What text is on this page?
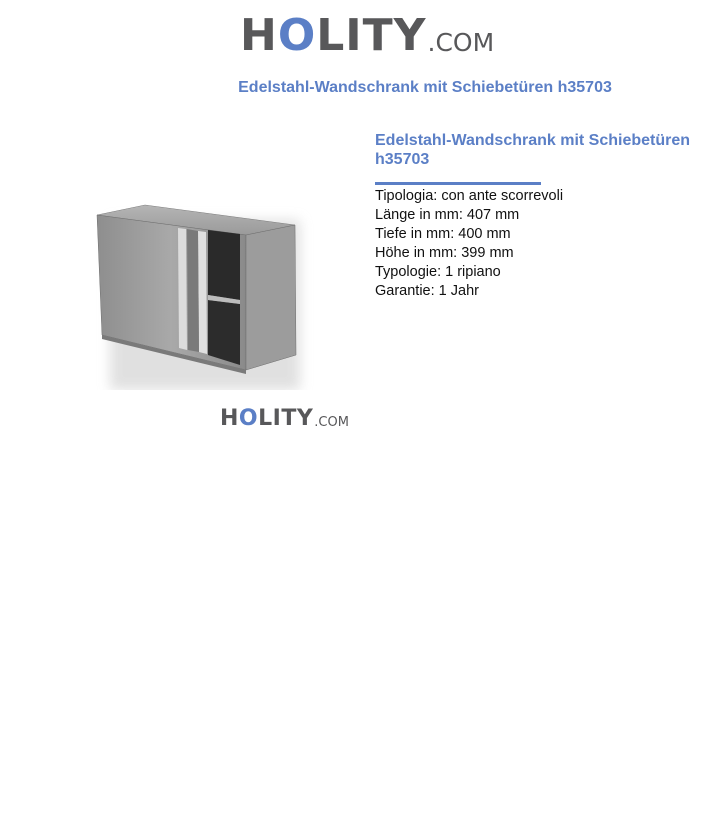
HOLITY .COM
Edelstahl-Wandschrank mit Schiebetüren h35703
HOLITY .COM
Edelstahl-Wandschrank mit Schiebetüren h35703
Tipologia: con ante scorrevoli
Länge in mm: 407 mm
Tiefe in mm: 400 mm
Höhe in mm: 399 mm
Typologie: 1 ripiano
Garantie: 1 Jahr
